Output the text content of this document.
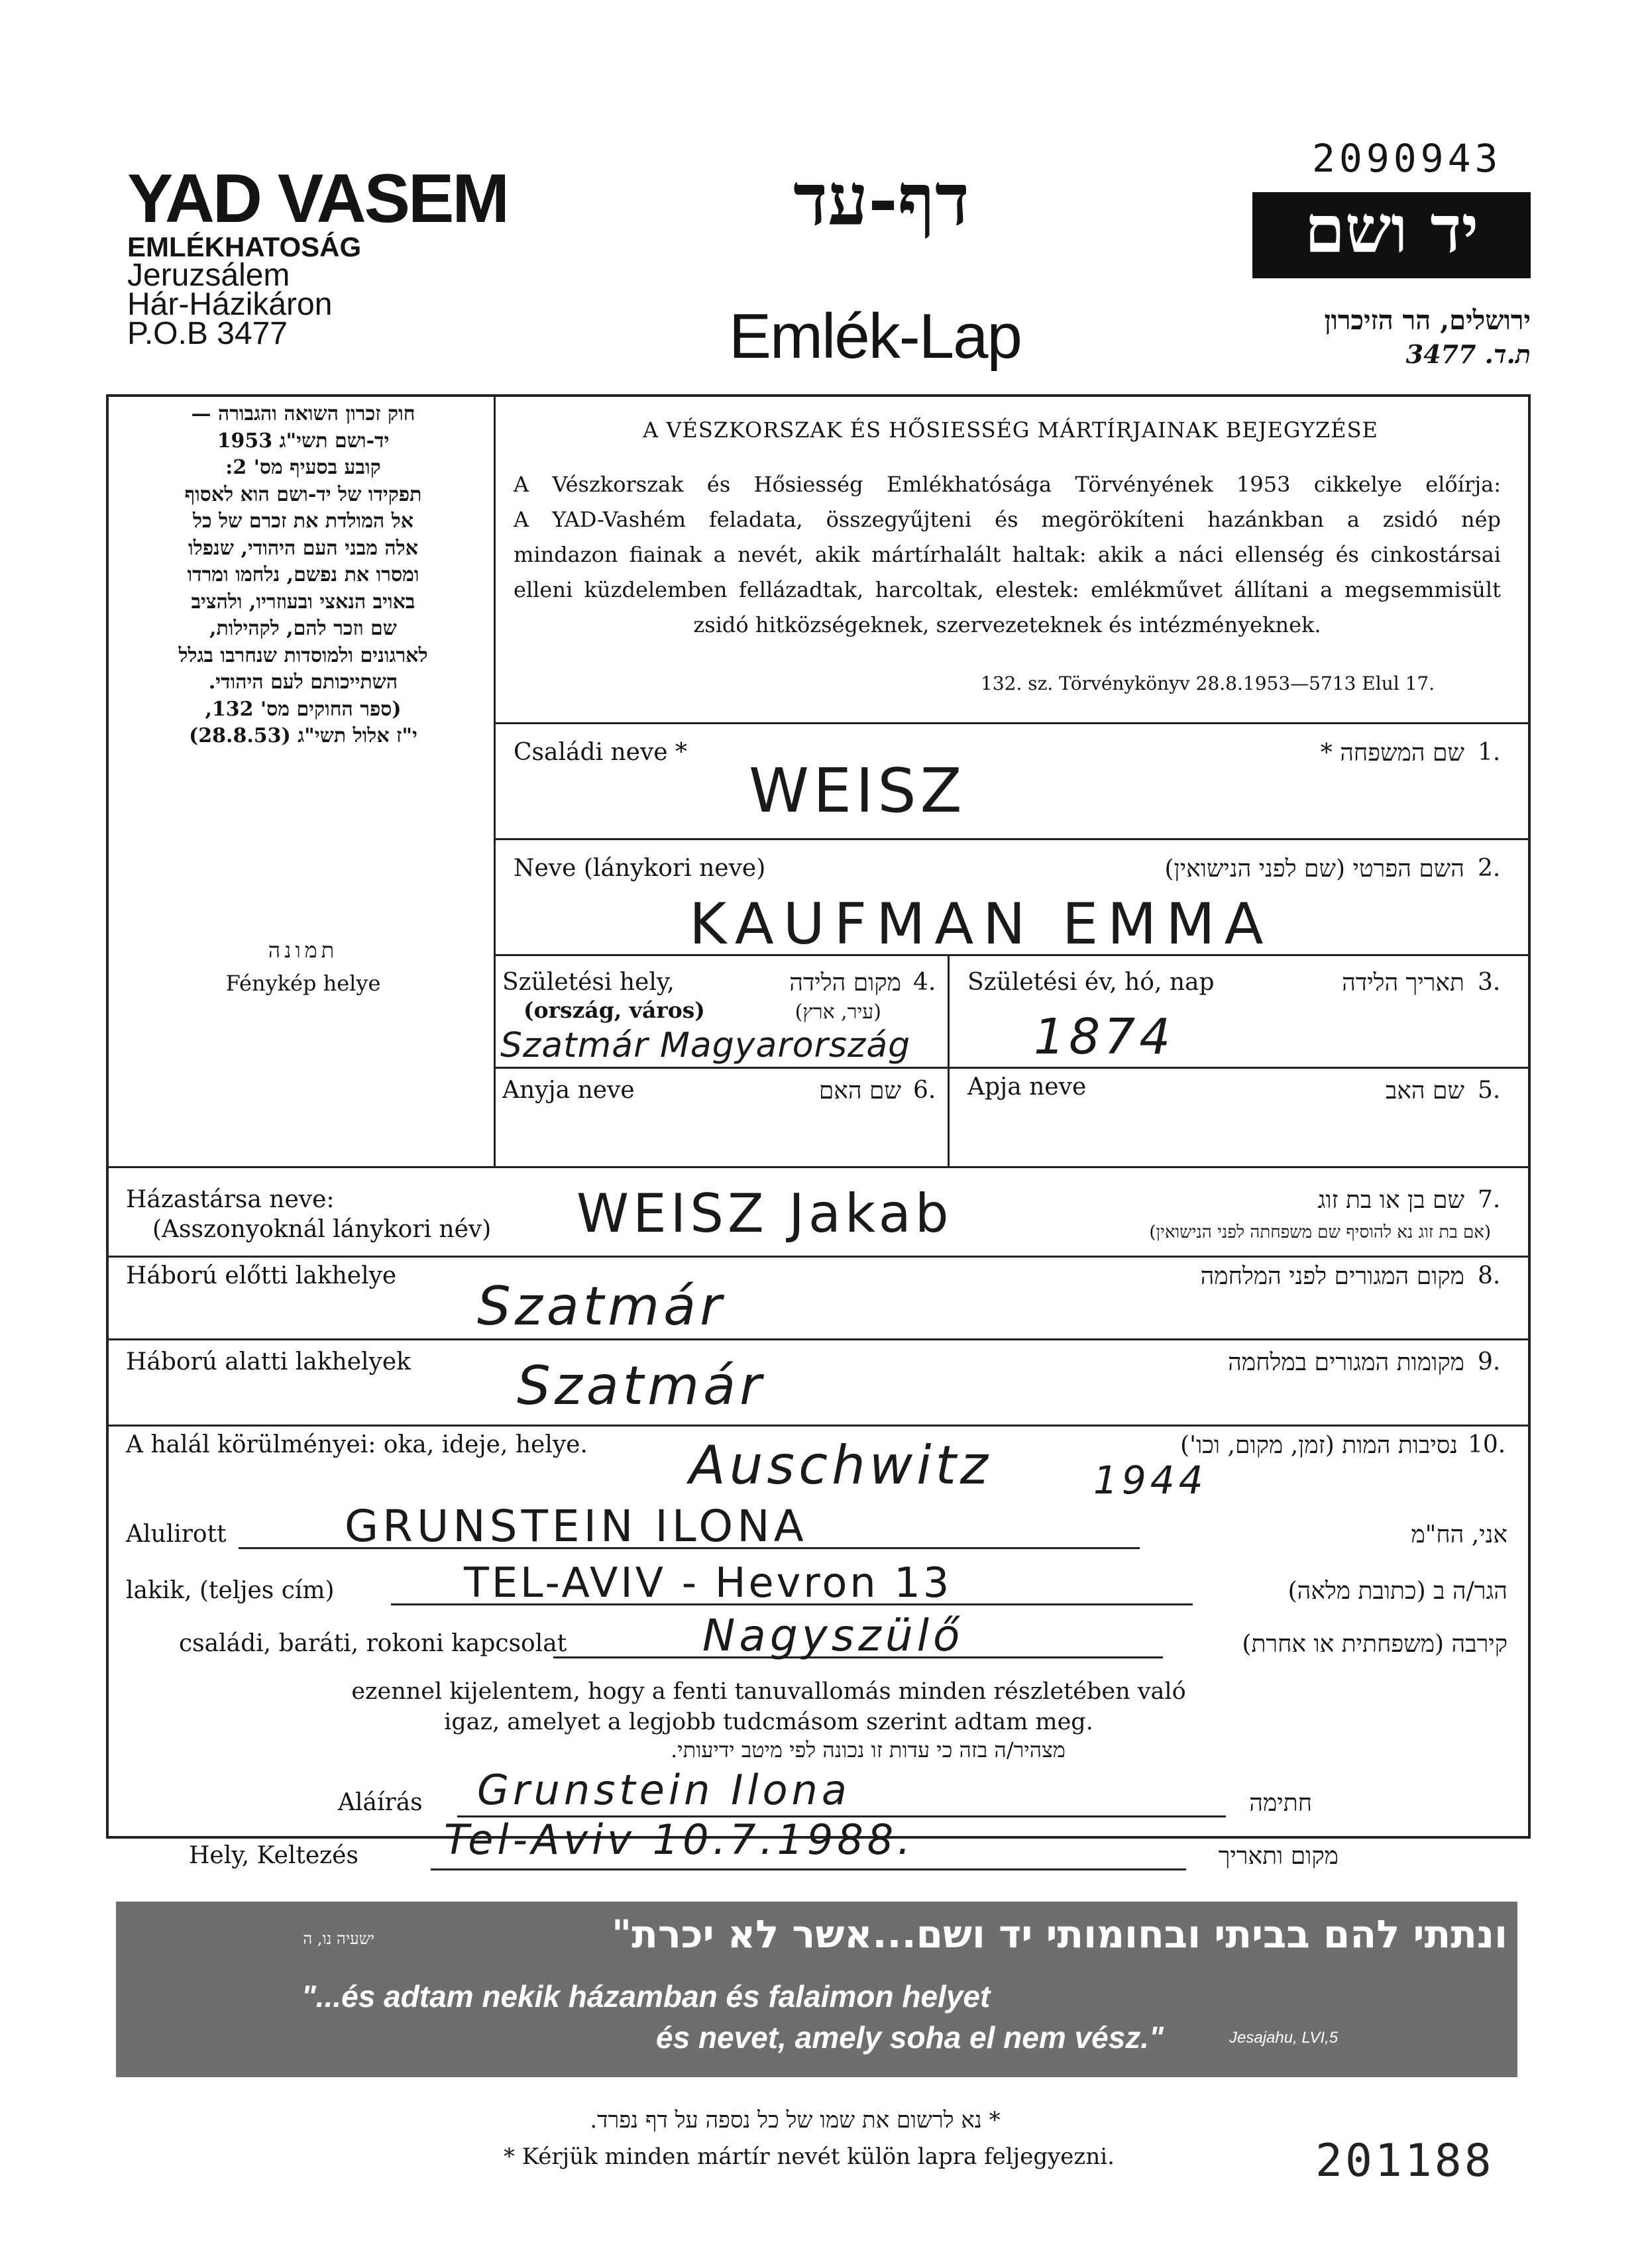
YAD VASEM
EMLÉKHATOSÁG
Jeruzsálem
Hár-Házikáron
P.O.B 3477
דף-עד
Emlék-Lap
2090943
יד ושם
ירושלים, הר הזיכרון
ת.ד. 3477
חוק זכרון השואה והגבורה —
יד-ושם תשי"ג 1953
קובע בסעיף מס' 2:
תפקידו של יד-ושם הוא לאסוף
אל המולדת את זכרם של כל
אלה מבני העם היהודי, שנפלו
ומסרו את נפשם, נלחמו ומרדו
באויב הנאצי ובעוזריו, ולהציב
שם וזכר להם, לקהילות,
לארגונים ולמוסדות שנחרבו בגלל
השתייכותם לעם היהודי.
(ספר החוקים מס' 132,
י"ז אלול תשי"ג (28.8.53)
תמונה
Fénykép helye
A VÉSZKORSZAK ÉS HŐSIESSÉG MÁRTÍRJAINAK BEJEGYZÉSE
A Vészkorszak és Hősiesség Emlékhatósága Törvényének 1953 cikkelye előírja:
A YAD-Vashém feladata, összegyűjteni és megörökíteni hazánkban a zsidó nép
mindazon fiainak a nevét, akik mártírhalált haltak: akik a náci ellenség és cinkostársai
elleni küzdelemben fellázadtak, harcoltak, elestek: emlékművet állítani a megsemmisült
zsidó hitközségeknek, szervezeteknek és intézményeknek.
132. sz. Törvénykönyv 28.8.1953—5713 Elul 17.
Családi neve *	שם המשפחה * 1.
WEISZ
Neve (lánykori neve)	השם הפרטי (שם לפני הנישואין) 2.
KAUFMAN EMMA
Születési hely,
(ország, város)
מקום הלידה
(עיר, ארץ)
4.
Szatmár Magyarország
Születési év, hó, nap	תאריך הלידה 3.
1874
Anyja neve	שם האם 6. Apja neve	שם האב 5.
Házastársa neve:
(Asszonyoknál lánykori név)
שם בן או בת זוג
(אם בת זוג נא להוסיף שם משפחתה לפני הנישואין)
7.
WEISZ Jakab
Háború előtti lakhelye	מקום המגורים לפני המלחמה 8.
Szatmár
Háború alatti lakhelyek	מקומות המגורים במלחמה 9.
Szatmár
A halál körülményei: oka, ideje, helye.	נסיבות המות (זמן, מקום, וכו') 10.
Auschwitz	1944
Alulirott	GRUNSTEIN ILONA	אני, הח"מ
lakik, (teljes cím)	TEL-AVIV - Hevron 13	הגר/ה ב (כתובת מלאה)
családi, baráti, rokoni kapcsolat	Nagyszülő	קירבה (משפחתית או אחרת)
ezennel kijelentem, hogy a fenti tanuvallomás minden részletében való
igaz, amelyet a legjobb tudcmásom szerint adtam meg.
מצהיר/ה בזה כי עדות זו נכונה לפי מיטב ידיעותי.
Aláírás Grunstein Ilona	חתימה
Hely, Keltezés Tel-Aviv 10.7.1988.	מקום ותאריך
ונתתי להם בביתי ובחומותי יד ושם...אשר לא יכרת"
ישעיה נו, ה
"...és adtam nekik házamban és falaimon helyet
és nevet, amely soha el nem vész."	Jesajahu, LVI,5
* נא לרשום את שמו של כל נספה על דף נפרד.
* Kérjük minden mártír nevét külön lapra feljegyezni.	201188
